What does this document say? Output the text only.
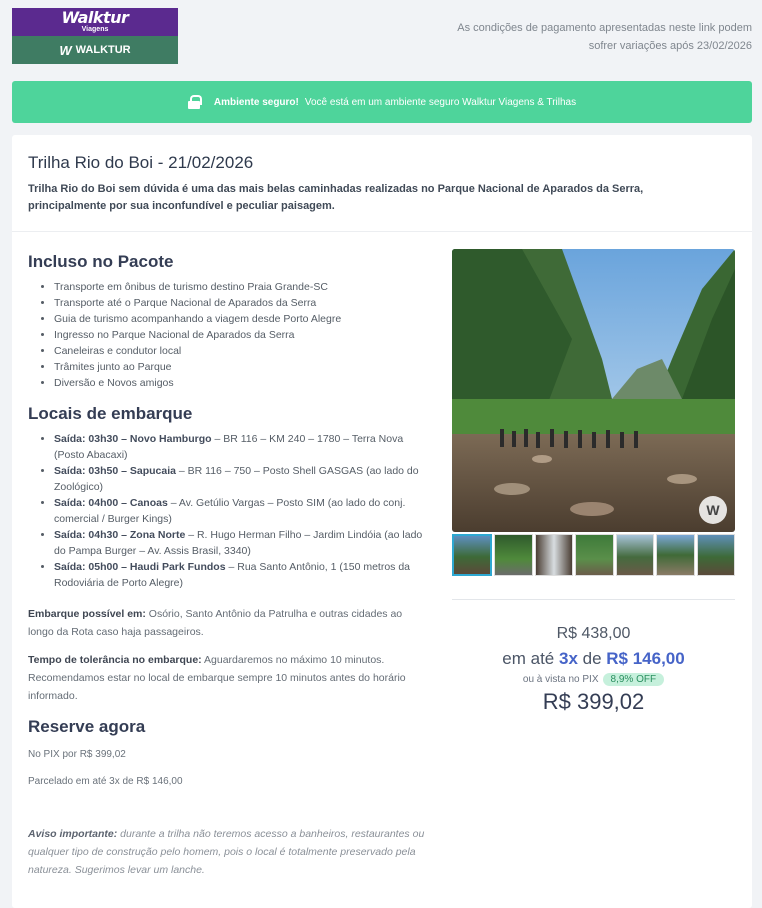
Walktur
Viagens
W WALKTUR
As condições de pagamento apresentadas neste link podem sofrer variações após 23/02/2026
Ambiente seguro! Você está em um ambiente seguro Walktur Viagens & Trilhas
Trilha Rio do Boi - 21/02/2026
Trilha Rio do Boi sem dúvida é uma das mais belas caminhadas realizadas no Parque Nacional de Aparados da Serra, principalmente por sua inconfundível e peculiar paisagem.
Incluso no Pacote
• Transporte em ônibus de turismo destino Praia Grande-SC
• Transporte até o Parque Nacional de Aparados da Serra
• Guia de turismo acompanhando a viagem desde Porto Alegre
• Ingresso no Parque Nacional de Aparados da Serra
• Caneleiras e condutor local
• Trâmites junto ao Parque
• Diversão e Novos amigos
Locais de embarque
• Saída: 03h30 – Novo Hamburgo – BR 116 – KM 240 – 1780 – Terra Nova (Posto Abacaxi)
• Saída: 03h50 – Sapucaia – BR 116 – 750 – Posto Shell GASGAS (ao lado do Zoológico)
• Saída: 04h00 – Canoas – Av. Getúlio Vargas – Posto SIM (ao lado do conj. comercial / Burger Kings)
• Saída: 04h30 – Zona Norte – R. Hugo Herman Filho – Jardim Lindóia (ao lado do Pampa Burger – Av. Assis Brasil, 3340)
• Saída: 05h00 – Haudi Park Fundos – Rua Santo Antônio, 1 (150 metros da Rodoviária de Porto Alegre)

Embarque possível em: Osório, Santo Antônio da Patrulha e outras cidades ao longo da Rota caso haja passageiros.

Tempo de tolerância no embarque: Aguardaremos no máximo 10 minutos. Recomendamos estar no local de embarque sempre 10 minutos antes do horário informado.

Reserve agora

No PIX por R$ 399,02

Parcelado em até 3x de R$ 146,00

Aviso importante: durante a trilha não teremos acesso a banheiros, restaurantes ou qualquer tipo de construção pelo homem, pois o local é totalmente preservado pela natureza. Sugerimos levar um lanche.

W
R$ 438,00
em até 3x de R$ 146,00
ou à vista no PIX 8,9% OFF
R$ 399,02
